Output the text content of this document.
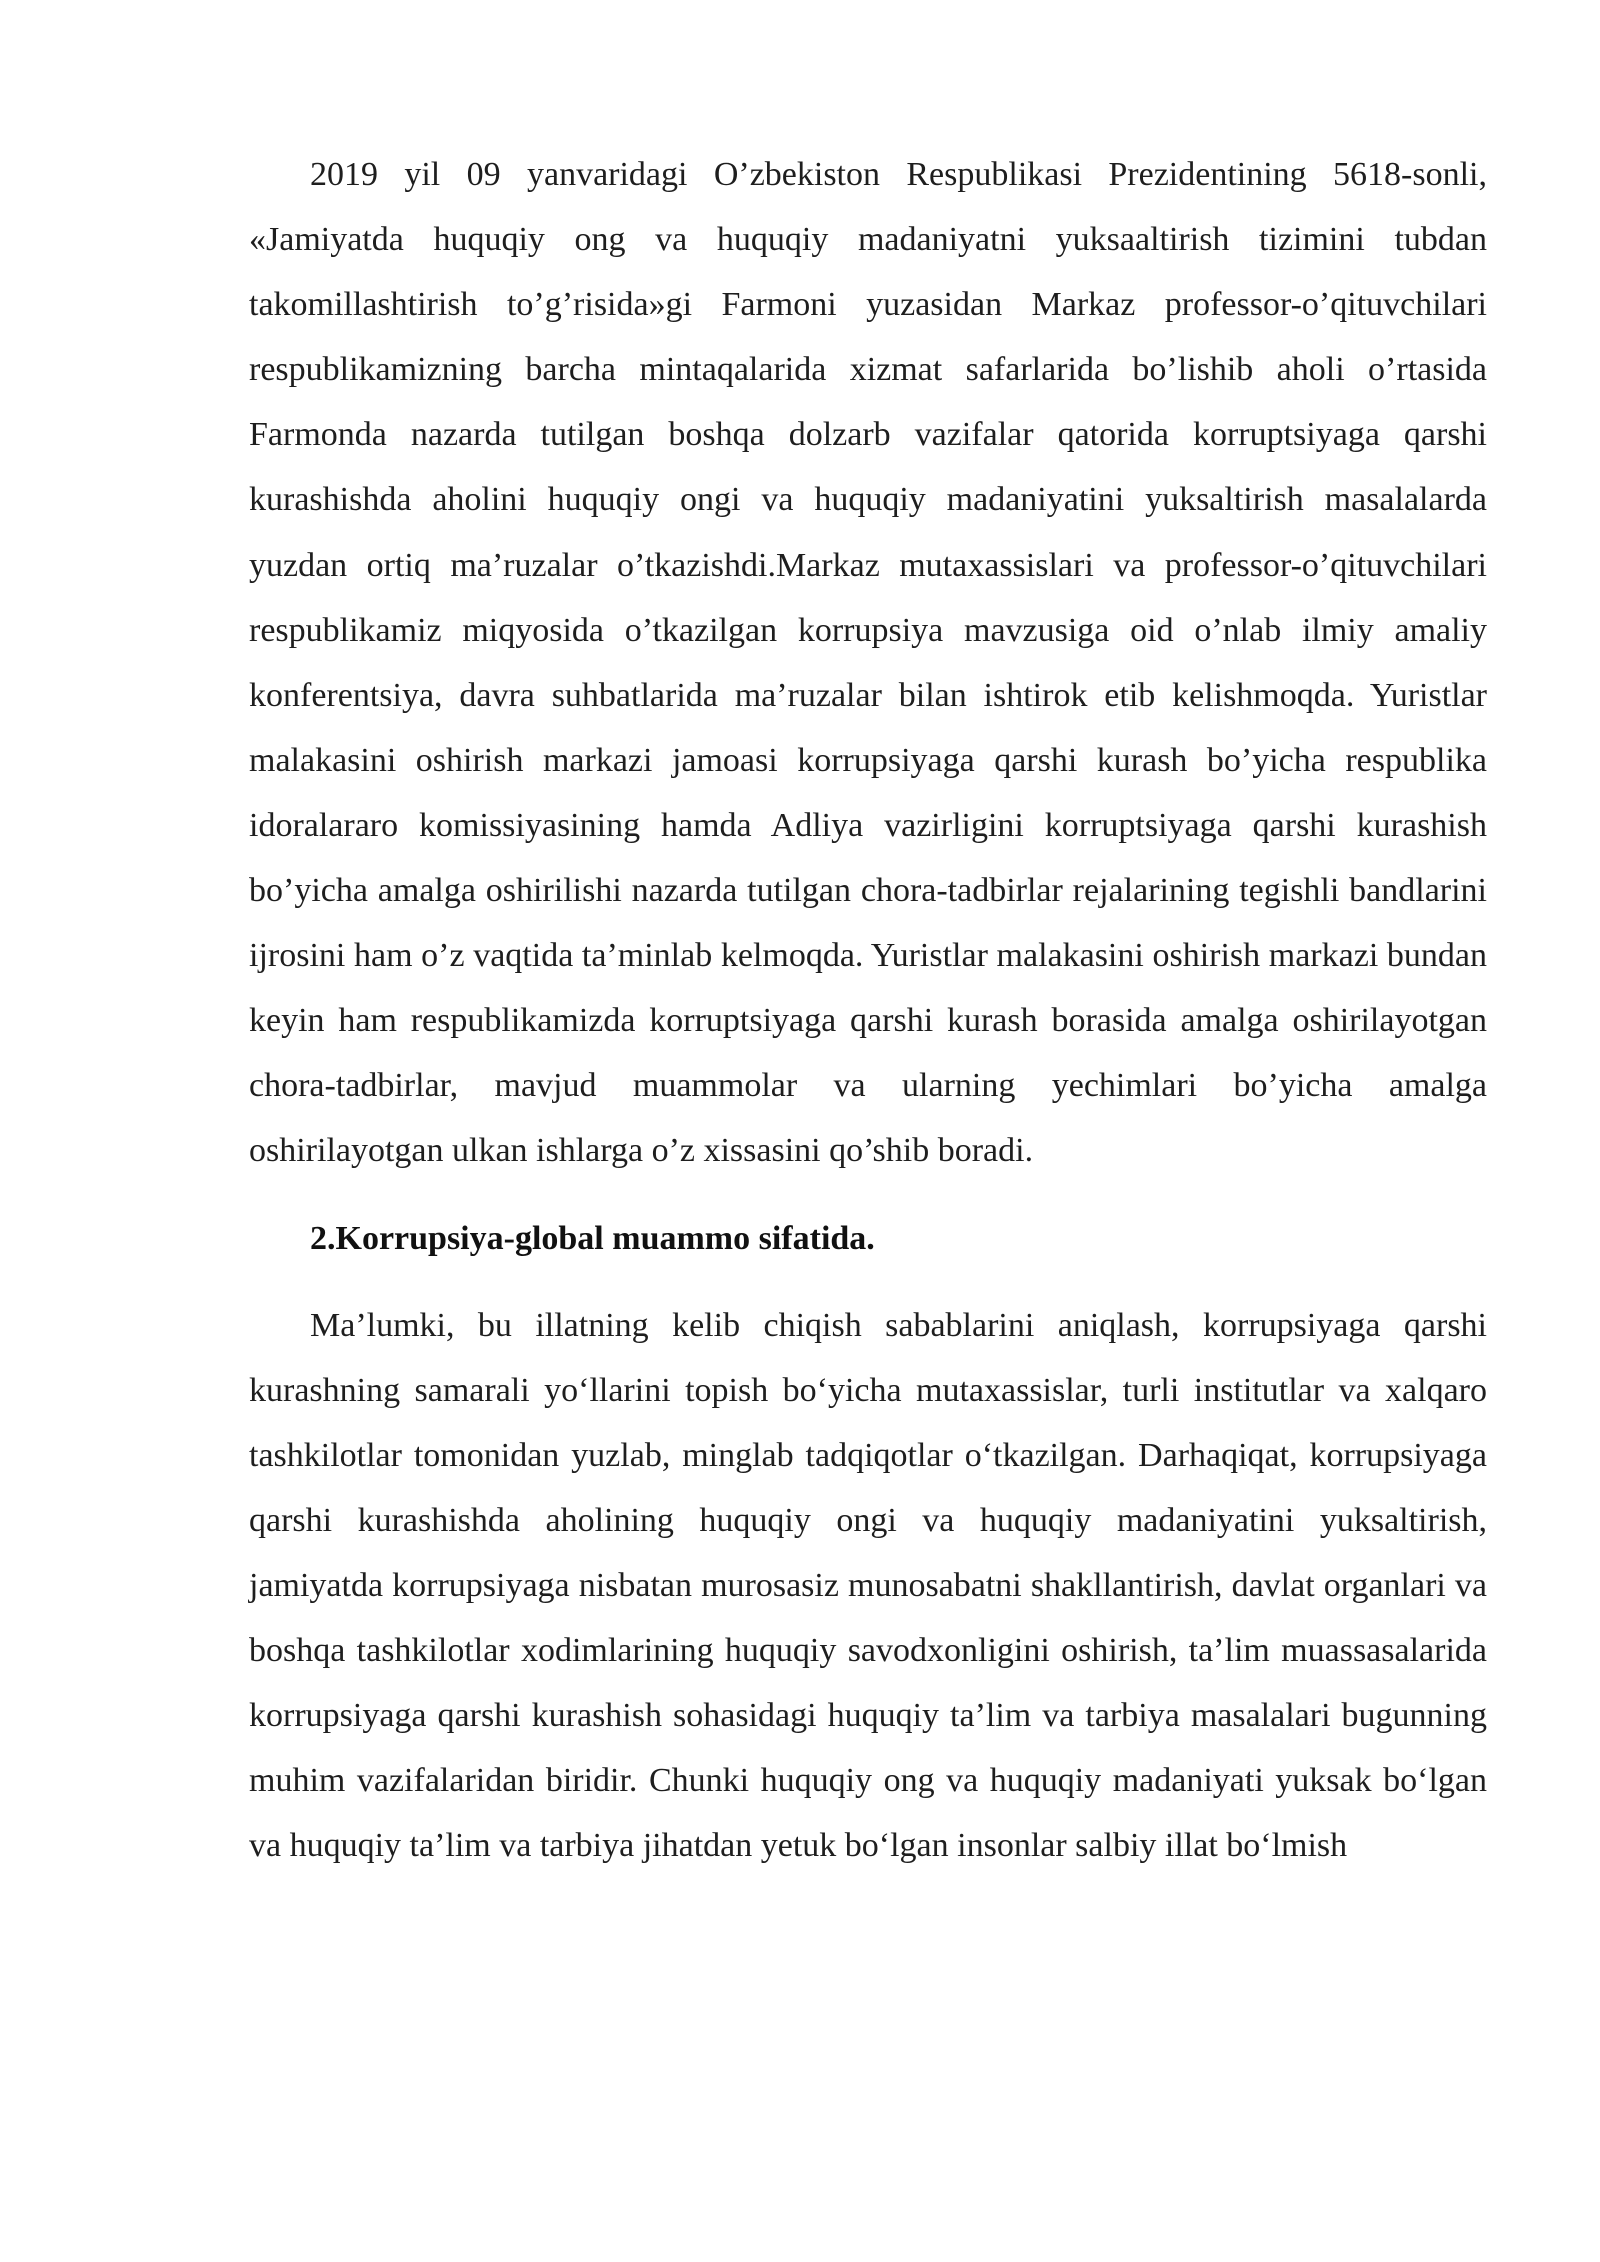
2019 yil 09 yanvaridagi O’zbekiston Respublikasi Prezidentining 5618-sonli, «Jamiyatda huquqiy ong va huquqiy madaniyatni yuksaaltirish tizimini tubdan takomillashtirish to’g’risida»gi Farmoni yuzasidan Markaz professor-o’qituvchilari respublikamizning barcha mintaqalarida xizmat safarlarida bo’lishib aholi o’rtasida Farmonda nazarda tutilgan boshqa dolzarb vazifalar qatorida korruptsiyaga qarshi kurashishda aholini huquqiy ongi va huquqiy madaniyatini yuksaltirish masalalarda yuzdan ortiq ma’ruzalar o’tkazishdi.Markaz mutaxassislari va professor-o’qituvchilari respublikamiz miqyosida o’tkazilgan korrupsiya mavzusiga oid o’nlab ilmiy amaliy konferentsiya, davra suhbatlarida ma’ruzalar bilan ishtirok etib kelishmoqda. Yuristlar malakasini oshirish markazi jamoasi korrupsiyaga qarshi kurash bo’yicha respublika idoralararo komissiyasining hamda Adliya vazirligini korruptsiyaga qarshi kurashish bo’yicha amalga oshirilishi nazarda tutilgan chora-tadbirlar rejalarining tegishli bandlarini ijrosini ham o’z vaqtida ta’minlab kelmoqda. Yuristlar malakasini oshirish markazi bundan keyin ham respublikamizda korruptsiyaga qarshi kurash borasida amalga oshirilayotgan chora-tadbirlar, mavjud muammolar va ularning yechimlari bo’yicha amalga oshirilayotgan ulkan ishlarga o’z xissasini qo’shib boradi.

2.Korrupsiya-global muammo sifatida.

Ma’lumki, bu illatning kelib chiqish sabablarini aniqlash, korrupsiyaga qarshi kurashning samarali yo‘llarini topish bo‘yicha mutaxassislar, turli institutlar va xalqaro tashkilotlar tomonidan yuzlab, minglab tadqiqotlar o‘tkazilgan. Darhaqiqat, korrupsiyaga qarshi kurashishda aholining huquqiy ongi va huquqiy madaniyatini yuksaltirish, jamiyatda korrupsiyaga nisbatan murosasiz munosabatni shakllantirish, davlat organlari va boshqa tashkilotlar xodimlarining huquqiy savodxonligini oshirish, ta’lim muassasalarida korrupsiyaga qarshi kurashish sohasidagi huquqiy ta’lim va tarbiya masalalari bugunning muhim vazifalaridan biridir. Chunki huquqiy ong va huquqiy madaniyati yuksak bo‘lgan va huquqiy ta’lim va tarbiya jihatdan yetuk bo‘lgan insonlar salbiy illat bo‘lmish
